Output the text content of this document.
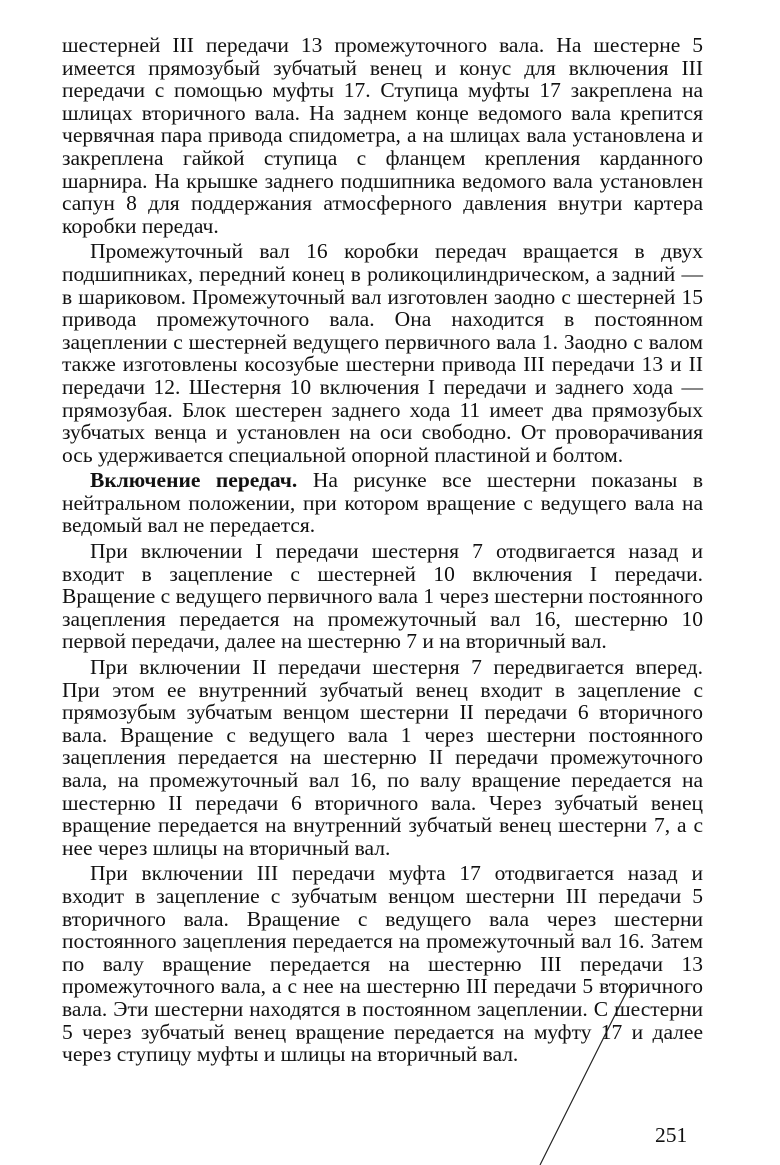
шестерней III передачи 13 промежуточного вала. На шестерне 5 имеется прямозубый зубчатый венец и конус для включения III передачи с помощью муфты 17. Ступица муфты 17 закреплена на шлицах вторичного вала. На заднем конце ведомого вала крепится червячная пара привода спидометра, а на шлицах вала установлена и закреплена гайкой ступица с фланцем крепления карданного шарнира. На крышке заднего подшипника ведомого вала установлен сапун 8 для поддержания атмосферного давления внутри картера коробки передач.

Промежуточный вал 16 коробки передач вращается в двух подшипниках, передний конец в роликоцилиндрическом, а задний — в шариковом. Промежуточный вал изготовлен заодно с шестерней 15 привода промежуточного вала. Она находится в постоянном зацеплении с шестерней ведущего первичного вала 1. Заодно с валом также изготовлены косозубые шестерни привода III передачи 13 и II передачи 12. Шестерня 10 включения I передачи и заднего хода — прямозубая. Блок шестерен заднего хода 11 имеет два прямозубых зубчатых венца и установлен на оси свободно. От проворачивания ось удерживается специальной опорной пластиной и болтом.

Включение передач. На рисунке все шестерни показаны в нейтральном положении, при котором вращение с ведущего вала на ведомый вал не передается.

При включении I передачи шестерня 7 отодвигается назад и входит в зацепление с шестерней 10 включения I передачи. Вращение с ведущего первичного вала 1 через шестерни постоянного зацепления передается на промежуточный вал 16, шестерню 10 первой передачи, далее на шестерню 7 и на вторичный вал.

При включении II передачи шестерня 7 передвигается вперед. При этом ее внутренний зубчатый венец входит в зацепление с прямозубым зубчатым венцом шестерни II передачи 6 вторичного вала. Вращение с ведущего вала 1 через шестерни постоянного зацепления передается на шестерню II передачи промежуточного вала, на промежуточный вал 16, по валу вращение передается на шестерню II передачи 6 вторичного вала. Через зубчатый венец вращение передается на внутренний зубчатый венец шестерни 7, а с нее через шлицы на вторичный вал.

При включении III передачи муфта 17 отодвигается назад и входит в зацепление с зубчатым венцом шестерни III передачи 5 вторичного вала. Вращение с ведущего вала через шестерни постоянного зацепления передается на промежуточный вал 16. Затем по валу вращение передается на шестерню III передачи 13 промежуточного вала, а с нее на шестерню III передачи 5 вторичного вала. Эти шестерни находятся в постоянном зацеплении. С шестерни 5 через зубчатый венец вращение передается на муфту 17 и далее через ступицу муфты и шлицы на вторичный вал.

251
